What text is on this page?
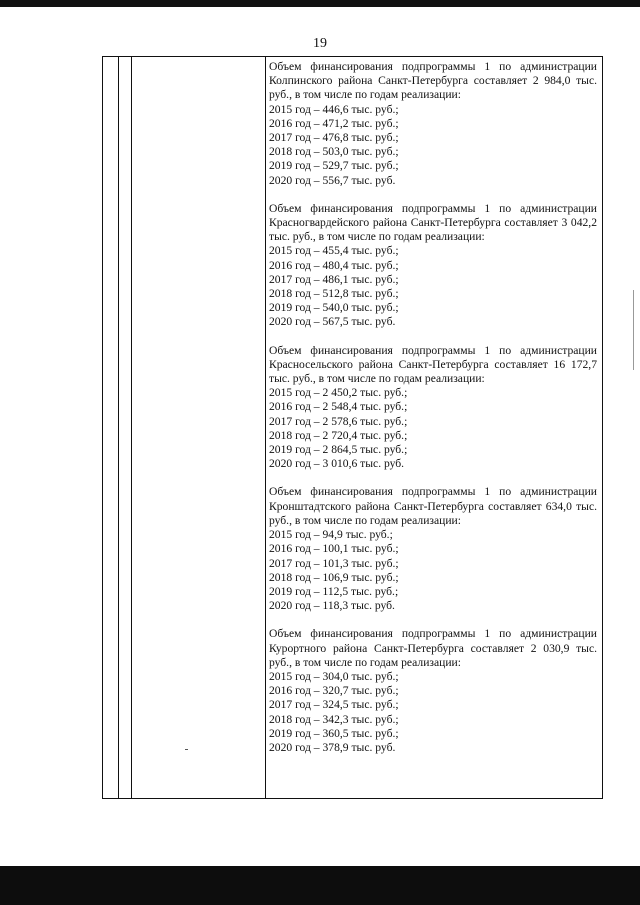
19
Объем финансирования подпрограммы 1 по администрации Колпинского района Санкт-Петербурга составляет 2 984,0 тыс. руб., в том числе по годам реализации:
2015 год – 446,6 тыс. руб.;
2016 год – 471,2 тыс. руб.;
2017 год – 476,8 тыс. руб.;
2018 год – 503,0 тыс. руб.;
2019 год – 529,7 тыс. руб.;
2020 год – 556,7 тыс. руб.
Объем финансирования подпрограммы 1 по администрации Красногвардейского района Санкт-Петербурга составляет 3 042,2 тыс. руб., в том числе по годам реализации:
2015 год – 455,4 тыс. руб.;
2016 год – 480,4 тыс. руб.;
2017 год – 486,1 тыс. руб.;
2018 год – 512,8 тыс. руб.;
2019 год – 540,0 тыс. руб.;
2020 год – 567,5 тыс. руб.
Объем финансирования подпрограммы 1 по администрации Красносельского района Санкт-Петербурга составляет 16 172,7 тыс. руб., в том числе по годам реализации:
2015 год – 2 450,2 тыс. руб.;
2016 год – 2 548,4 тыс. руб.;
2017 год – 2 578,6 тыс. руб.;
2018 год – 2 720,4 тыс. руб.;
2019 год – 2 864,5 тыс. руб.;
2020 год – 3 010,6 тыс. руб.
Объем финансирования подпрограммы 1 по администрации Кронштадтского района Санкт-Петербурга составляет 634,0 тыс. руб., в том числе по годам реализации:
2015 год – 94,9 тыс. руб.;
2016 год – 100,1 тыс. руб.;
2017 год – 101,3 тыс. руб.;
2018 год – 106,9 тыс. руб.;
2019 год – 112,5 тыс. руб.;
2020 год – 118,3 тыс. руб.
Объем финансирования подпрограммы 1 по администрации Курортного района Санкт-Петербурга составляет 2 030,9 тыс. руб., в том числе по годам реализации:
2015 год – 304,0 тыс. руб.;
2016 год – 320,7 тыс. руб.;
2017 год – 324,5 тыс. руб.;
2018 год – 342,3 тыс. руб.;
2019 год – 360,5 тыс. руб.;
2020 год – 378,9 тыс. руб.
